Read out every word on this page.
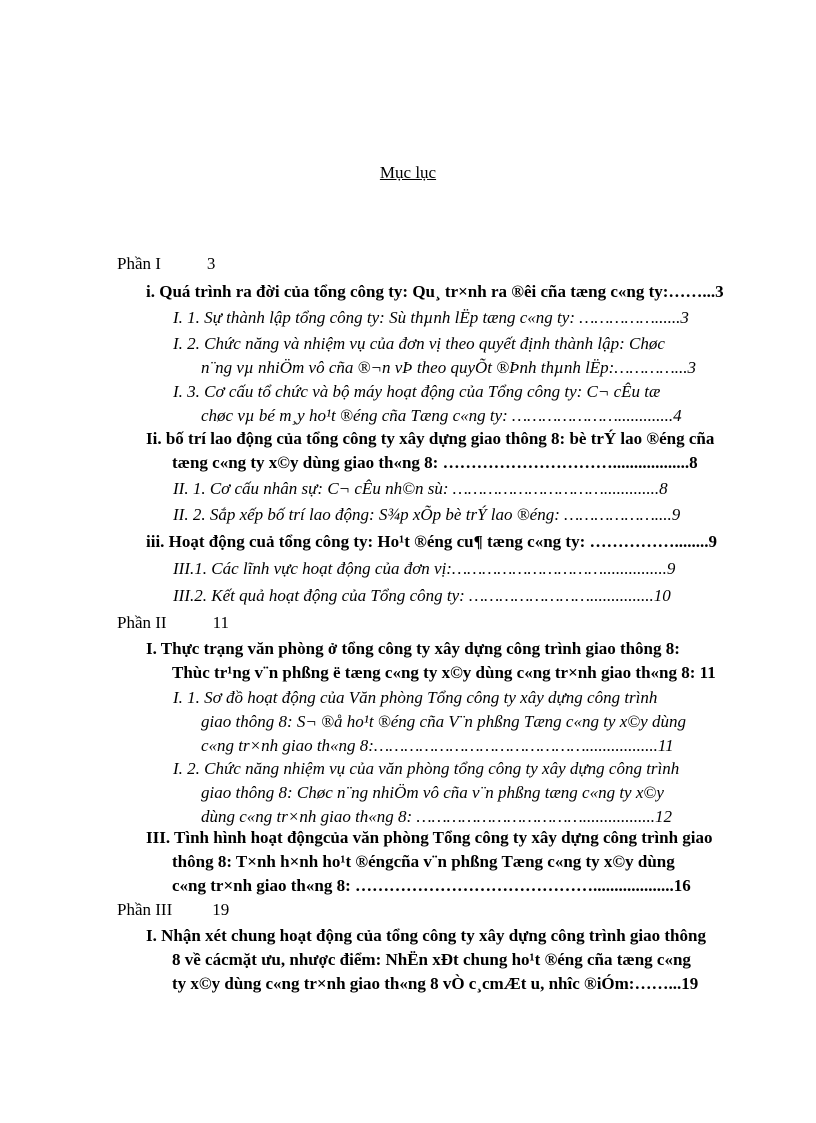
Mục lục
Phần I	3
i. Quá trình ra đời của tổng công ty: Qu¸ tr×nh ra ®êi cña tæng c«ng ty:……...3
I. 1. Sự thành lập tổng công ty: Sù thµnh lËp tæng c«ng ty: ……………......3
I. 2. Chức năng và nhiệm vụ của đơn vị theo quyết định thành lập: Chøc
n¨ng vµ nhiÖm vô cña ®¬n vÞ theo quyÕt ®Þnh thµnh lËp:…………...3
I. 3. Cơ cấu tổ chức và bộ máy hoạt động của Tổng công ty: C¬ cÊu tæ
chøc vµ bé m¸y ho¹t ®éng cña Tæng c«ng ty: ………………….............4
Ii. bố trí lao động của tổng công ty xây dựng giao thông 8: bè trÝ lao ®éng cña
tæng c«ng ty x©y dùng giao th«ng 8: …………………………..................8
II. 1. Cơ cấu nhân sự: C¬ cÊu nh©n sù: ………………………….............8
II. 2. Sắp xếp bố trí lao động: S¾p xÕp bè trÝ lao ®éng: ………………....9
iii. Hoạt động cuả tổng công ty: Ho¹t ®éng cu¶ tæng c«ng ty: ……………........9
III.1. Các lĩnh vực hoạt động của đơn vị:…………………………...............9
III.2. Kết quả hoạt động của Tổng công ty: ……………………...............10
Phần II	11
I. Thực trạng văn phòng ở tổng công ty xây dựng công trình giao thông 8:
Thùc tr¹ng v¨n phßng ë tæng c«ng ty x©y dùng c«ng tr×nh giao th«ng 8: 11
I. 1. Sơ đồ hoạt động của Văn phòng Tổng công ty xây dựng công trình
giao thông 8: S¬ ®å ho¹t ®éng cña V¨n phßng Tæng c«ng ty x©y dùng
c«ng tr×nh giao th«ng 8:…………………………………….................11
I. 2. Chức năng nhiệm vụ của văn phòng tổng công ty xây dựng công trình
giao thông 8: Chøc n¨ng nhiÖm vô cña v¨n phßng tæng c«ng ty x©y
dùng c«ng tr×nh giao th«ng 8: …………………………….................12
III. Tình hình hoạt độngcủa văn phòng Tổng công ty xây dựng công trình giao
thông 8: T×nh h×nh ho¹t ®éngcña v¨n phßng Tæng c«ng ty x©y dùng
c«ng tr×nh giao th«ng 8: ……………………………………...................16
Phần III 19
I. Nhận xét chung hoạt động của tổng công ty xây dựng công trình giao thông
8 về cácmặt ưu, nhược điểm: NhËn xÐt chung ho¹t ®éng cña tæng c«ng
ty x©y dùng c«ng tr×nh giao th«ng 8 vÒ c¸cmÆt u, nhîc ®iÓm:……...19
